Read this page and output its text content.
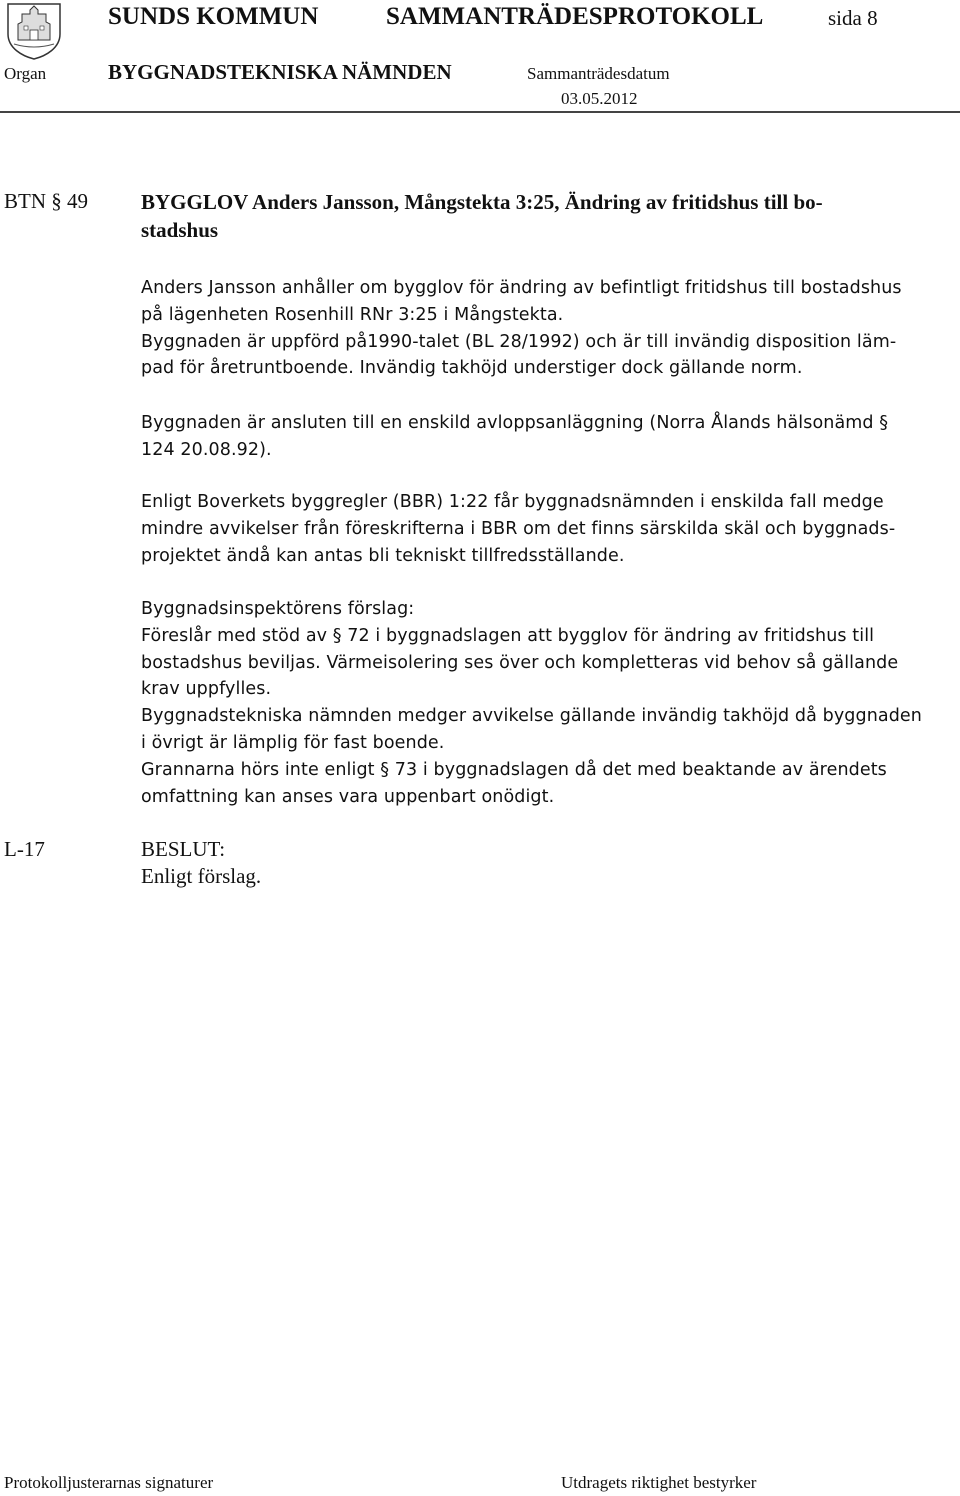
SUNDS KOMMUN	SAMMANTRÄDESPROTOKOLL	sida 8
Organ	BYGGNADSTEKNISKA NÄMNDEN	Sammanträdesdatum
03.05.2012
BTN § 49	BYGGLOV Anders Jansson, Mångstekta 3:25, Ändring av fritidshus till bo-
stadshus
Anders Jansson anhåller om bygglov för ändring av befintligt fritidshus till bostadshus
på lägenheten Rosenhill RNr 3:25 i Mångstekta.
Byggnaden är uppförd på1990-talet (BL 28/1992) och är till invändig disposition läm-
pad för åretruntboende. Invändig takhöjd understiger dock gällande norm.
Byggnaden är ansluten till en enskild avloppsanläggning (Norra Ålands hälsonämd §
124 20.08.92).
Enligt Boverkets byggregler (BBR) 1:22 får byggnadsnämnden i enskilda fall medge
mindre avvikelser från föreskrifterna i BBR om det finns särskilda skäl och byggnads-
projektet ändå kan antas bli tekniskt tillfredsställande.
Byggnadsinspektörens förslag:
Föreslår med stöd av § 72 i byggnadslagen att bygglov för ändring av fritidshus till
bostadshus beviljas. Värmeisolering ses över och kompletteras vid behov så gällande
krav uppfylles.
Byggnadstekniska nämnden medger avvikelse gällande invändig takhöjd då byggnaden
i övrigt är lämplig för fast boende.
Grannarna hörs inte enligt § 73 i byggnadslagen då det med beaktande av ärendets
omfattning kan anses vara uppenbart onödigt.
L-17	BESLUT:
Enligt förslag.
Protokolljusterarnas signaturer	Utdragets riktighet bestyrker
